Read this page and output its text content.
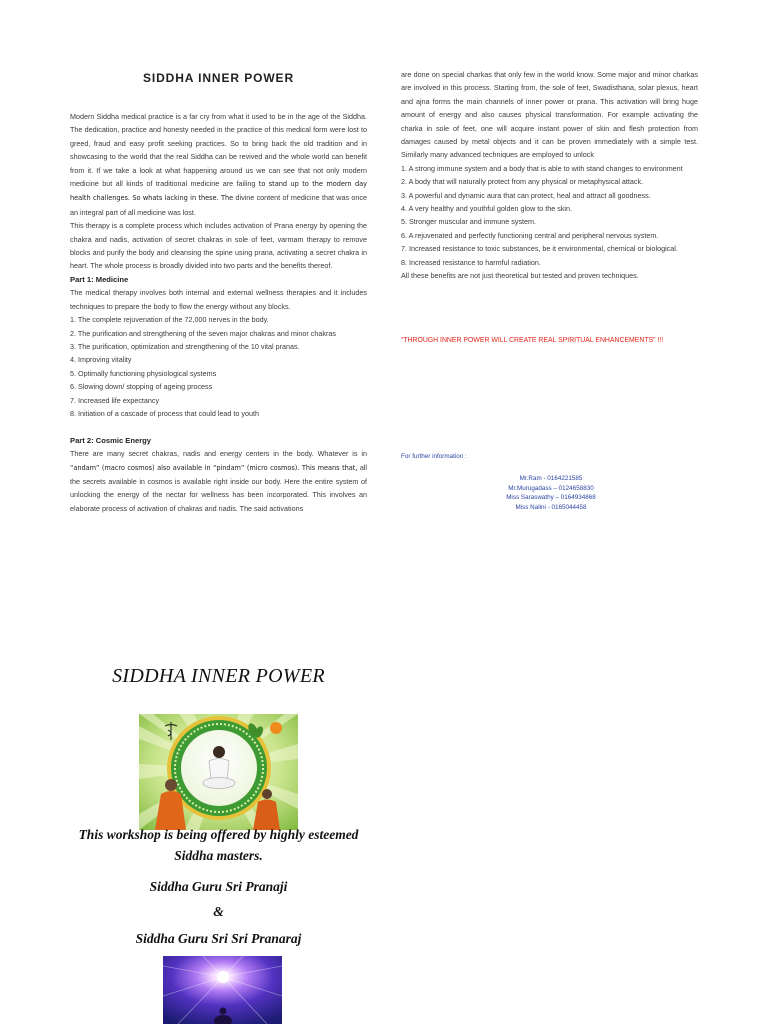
SIDDHA INNER POWER

Modern Siddha medical practice is a far cry from what it used to be in the age of the Siddha. The dedication, practice and honesty needed in the practice of this medical form were lost to greed, fraud and easy profit seeking practices. So to bring back the old tradition and in showcasing to the world that the real Siddha can be revived and the whole world can benefit from it. If we take a look at what happening around us we can see that not only modern medicine but all kinds of traditional medicine are failing to stand up to the modern day health challenges. So whats lacking in these. The divine content of medicine that was once an integral part of all medicine was lost.

This therapy is a complete process which includes activation of Prana energy by opening the chakra and nadis, activation of secret chakras in sole of feet, varmam therapy to remove blocks and purify the body and cleansing the spine using prana, activating a secret chakra in heart. The whole process is broadly divided into two parts and the benefits thereof.

Part 1: Medicine

The medical therapy involves both internal and external wellness therapies and it includes techniques to prepare the body to flow the energy without any blocks.

1. The complete rejuvenation of the 72,000 nerves in the body.
2. The purification and strengthening of the seven major chakras and minor chakras
3. The purification, optimization and strengthening of the 10 vital pranas.
4. Improving vitality
5. Optimally functioning physiological systems
6. Slowing down/ stopping of ageing process
7. Increased life expectancy
8. Initiation of a cascade of process that could lead to youth
Part 2: Cosmic Energy

There are many secret chakras, nadis and energy centers in the body. Whatever is in “andam” (macro cosmos) also available in “pindam” (micro cosmos). This means that, all the secrets available in cosmos is available right inside our body. Here the entire system of unlocking the energy of the nectar for wellness has been incorporated. This involves an elaborate process of activation of chakras and nadis. The said activations

are done on special charkas that only few in the world know. Some major and minor charkas are involved in this process. Starting from, the sole of feet, Swadisthana, solar plexus, heart and ajna forms the main channels of inner power or prana. This activation will bring huge amount of energy and also causes physical transformation. For example activating the charka in sole of feet, one will acquire instant power of skin and flesh protection from damages caused by metal objects and it can be proven immediately with a simple test. Similarly many advanced techniques are employed to unlock

1. A strong immune system and a body that is able to with stand changes to environment
2. A body that will naturally protect from any physical or metaphysical attack.
3. A powerful and dynamic aura that can protect, heal and attract all goodness.
4. A very healthy and youthful golden glow to the skin.
5. Stronger muscular and immune system.
6. A rejuvenated and perfectly functioning central and peripheral nervous system.
7. Increased resistance to toxic substances, be it environmental, chemical or biological.
8. Increased resistance to harmful radiation.

All these benefits are not just theoretical but tested and proven techniques.

“THROUGH INNER POWER WILL CREATE REAL SPIRITUAL ENHANCEMENTS” !!!
For further information :
Mr.Ram - 0164221585
Mr.Murugadass – 0124658830
Miss Saraswathy – 0164934868
Miss Nalini - 0165044458
SIDDHA INNER POWER
This workshop is being offered by highly esteemed
Siddha masters.
Siddha Guru Sri Pranaji
&
Siddha Guru Sri Sri Pranaraj
